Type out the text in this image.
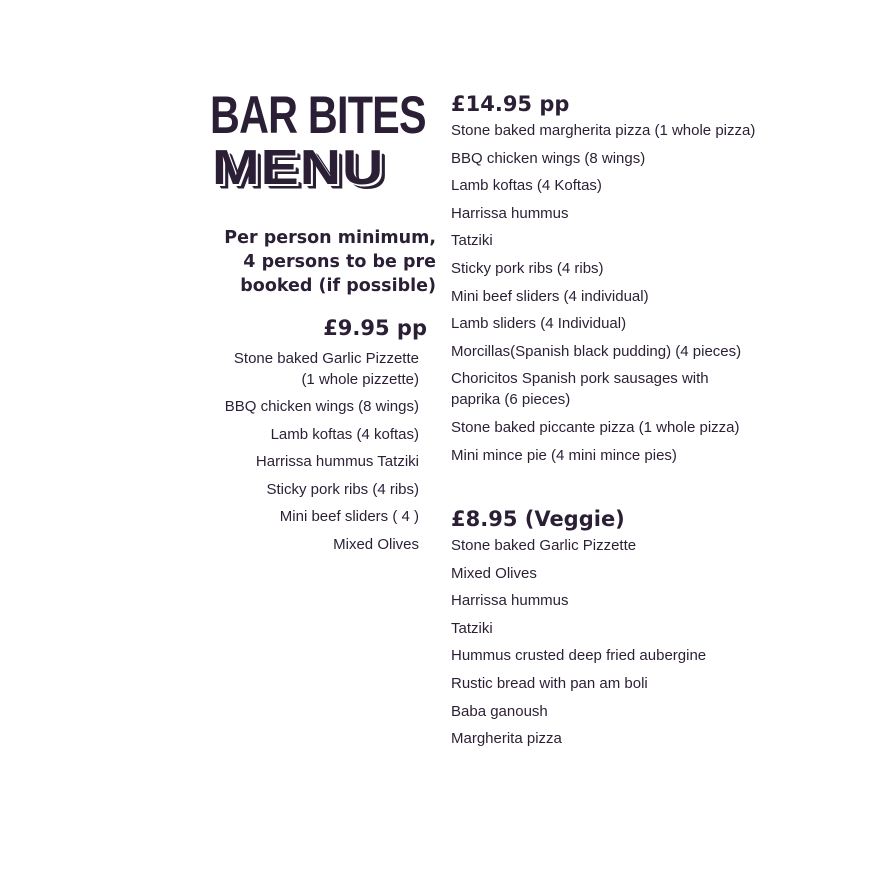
BAR BITES
MENU
Per person minimum,
4 persons to be pre
booked (if possible)
£9.95 pp
Stone baked Garlic Pizzette (1 whole pizzette)
BBQ chicken wings (8 wings)
Lamb koftas (4 koftas)
Harrissa hummus Tatziki
Sticky pork ribs (4 ribs)
Mini beef sliders ( 4 )
Mixed Olives
£14.95 pp
Stone baked margherita pizza (1 whole pizza)
BBQ chicken wings (8 wings)
Lamb koftas (4 Koftas)
Harrissa hummus
Tatziki
Sticky pork ribs (4 ribs)
Mini beef sliders (4 individual)
Lamb sliders (4 Individual)
Morcillas(Spanish black pudding) (4 pieces)
Choricitos Spanish pork sausages with paprika (6 pieces)
Stone baked piccante pizza (1 whole pizza)
Mini mince pie (4 mini mince pies)
£8.95 (Veggie)
Stone baked Garlic Pizzette
Mixed Olives
Harrissa hummus
Tatziki
Hummus crusted deep fried aubergine
Rustic bread with pan am boli
Baba ganoush
Margherita pizza
